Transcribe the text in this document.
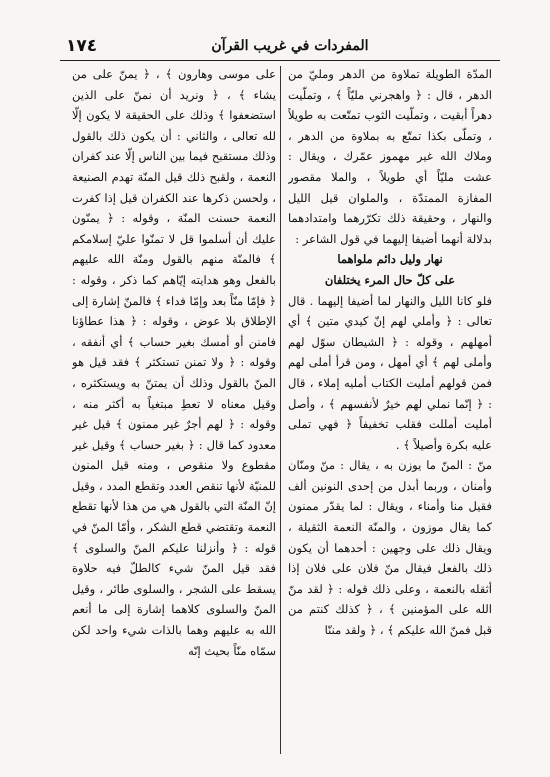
١٧٤	المفردات في غريب القرآن

المدّة الطويلة تملاوة من الدهر ومليّ من الدهر ، قال : ﴿ واهجرني مليّاً ﴾ ، وتملّيت دهراً أبقيت ، وتملّيت الثوب تمتّعت به طويلاً ، وتملّى بكذا تمتّع به بملاوة من الدهر ، وملاك الله غير مهموز عمّرك ، ويقال : عشت مليّاً أي طويلاً ، والملا مقصور المفازة الممتدّة ، والملوان قيل الليل والنهار ، وحقيقة ذلك تكرّرهما وامتدادهما بدلالة أنهما أضيفا إليهما في قول الشاعر :

نهار وليل دائم ملواهما

على كلّ حال المرء يختلفان

فلو كانا الليل والنهار لما أضيفا إليهما . قال تعالى : ﴿ وأملي لهم إنّ كيدي متين ﴾ أي أمهلهم ، وقوله : ﴿ الشيطان سوّل لهم وأملى لهم ﴾ أي أمهل ، ومن قرأ أملى لهم فمن قولهم أمليت الكتاب أمليه إملاء ، قال : ﴿ إنّما نملي لهم خيرٌ لأنفسهم ﴾ ، وأصل أمليت أمللت فقلب تخفيفاً ﴿ فهي تملى عليه بكرة وأصيلاً ﴾ .

منّ : المنّ ما يوزن به ، يقال : منّ ومنّان وأمنان ، وربما أبدل من إحدى النونين ألف فقيل منا وأمناء ، ويقال : لما يقدّر ممنون كما يقال موزون ، والمنّة النعمة الثقيلة ، ويقال ذلك على وجهين : أحدهما أن يكون ذلك بالفعل فيقال منّ فلان على فلان إذا أثقله بالنعمة ، وعلى ذلك قوله : ﴿ لقد منّ الله على المؤمنين ﴾ ، ﴿ كذلك كنتم من قبل فمنّ الله عليكم ﴾ ، ﴿ ولقد مننّا

على موسى وهارون ﴾ ، ﴿ يمنّ على من يشاء ﴾ ، ﴿ ونريد أن نمنّ على الذين استضعفوا ﴾ وذلك على الحقيقة لا يكون إلّا لله تعالى ، والثاني : أن يكون ذلك بالقول وذلك مستقبح فيما بين الناس إلّا عند كفران النعمة ، ولقبح ذلك قيل المنّة تهدم الصنيعة ، ولحسن ذكرها عند الكفران قيل إذا كفرت النعمة حسنت المنّة ، وقوله : ﴿ يمنّون عليك أن أسلموا قل لا تمنّوا عليّ إسلامكم ﴾ فالمنّة منهم بالقول ومنّة الله عليهم بالفعل وهو هدايته إيّاهم كما ذكر ، وقوله : ﴿ فإمّا منّاً بعد وإمّا فداء ﴾ فالمنّ إشارة إلى الإطلاق بلا عوض ، وقوله : ﴿ هذا عطاؤنا فامنن أو أمسك بغير حساب ﴾ أي أنفقه ، وقوله : ﴿ ولا تمنن تستكثر ﴾ فقد قيل هو المنّ بالقول وذلك أن يمتنّ به ويستكثره ، وقيل معناه لا تعطِ مبتغياً به أكثر منه ، وقوله : ﴿ لهم أجرٌ غير ممنون ﴾ قيل غير معدود كما قال : ﴿ بغير حساب ﴾ وقيل غير مقطوع ولا منقوص ، ومنه قيل المنون للمنيّة لأنها تنقص العدد وتقطع المدد ، وقيل إنّ المنّة التي بالقول هي من هذا لأنها تقطع النعمة وتقتضي قطع الشكر ، وأمّا المنّ في قوله : ﴿ وأنزلنا عليكم المنّ والسلوى ﴾ فقد قيل المنّ شيء كالطلّ فيه حلاوة يسقط على الشجر ، والسلوى طائر ، وقيل المنّ والسلوى كلاهما إشارة إلى ما أنعم الله به عليهم وهما بالذات شيء واحد لكن سمّاه منّاً بحيث إنّه
